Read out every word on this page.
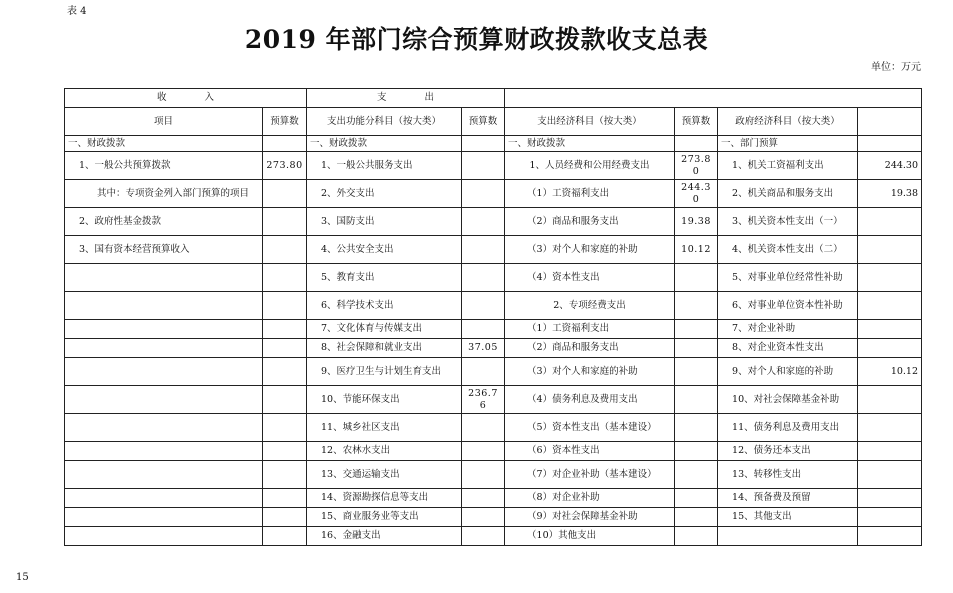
表 4
2019 年部门综合预算财政拨款收支总表
单位：万元
收　　　　入		支　　　　出					
项目	预算数	支出功能分科目（按大类）	预算数	支出经济科目（按大类）	预算数	政府经济科目（按大类）	
一、财政拨款		一、财政拨款		一、财政拨款		一、部门预算	
1、一般公共预算拨款	273.80	1、一般公共服务支出		1、人员经费和公用经费支出	273.80	1、机关工资福利支出	244.30
其中：专项资金列入部门预算的项目		2、外交支出		（1）工资福利支出	244.30	2、机关商品和服务支出	19.38
2、政府性基金拨款		3、国防支出		（2）商品和服务支出	19.38	3、机关资本性支出（一）	
3、国有资本经营预算收入		4、公共安全支出		（3）对个人和家庭的补助	10.12	4、机关资本性支出（二）	
		5、教育支出		（4）资本性支出		5、对事业单位经常性补助	
		6、科学技术支出		2、专项经费支出		6、对事业单位资本性补助	
		7、文化体育与传媒支出		（1）工资福利支出		7、对企业补助	
		8、社会保障和就业支出	37.05	（2）商品和服务支出		8、对企业资本性支出	
		9、医疗卫生与计划生育支出		（3）对个人和家庭的补助		9、对个人和家庭的补助	10.12
		10、节能环保支出	236.76	（4）债务利息及费用支出		10、对社会保障基金补助	
		11、城乡社区支出		（5）资本性支出（基本建设）		11、债务利息及费用支出	
		12、农林水支出		（6）资本性支出		12、债务还本支出	
		13、交通运输支出		（7）对企业补助（基本建设）		13、转移性支出	
		14、资源勘探信息等支出		（8）对企业补助		14、预备费及预留	
		15、商业服务业等支出		（9）对社会保障基金补助		15、其他支出	
		16、金融支出		（10）其他支出			
15
